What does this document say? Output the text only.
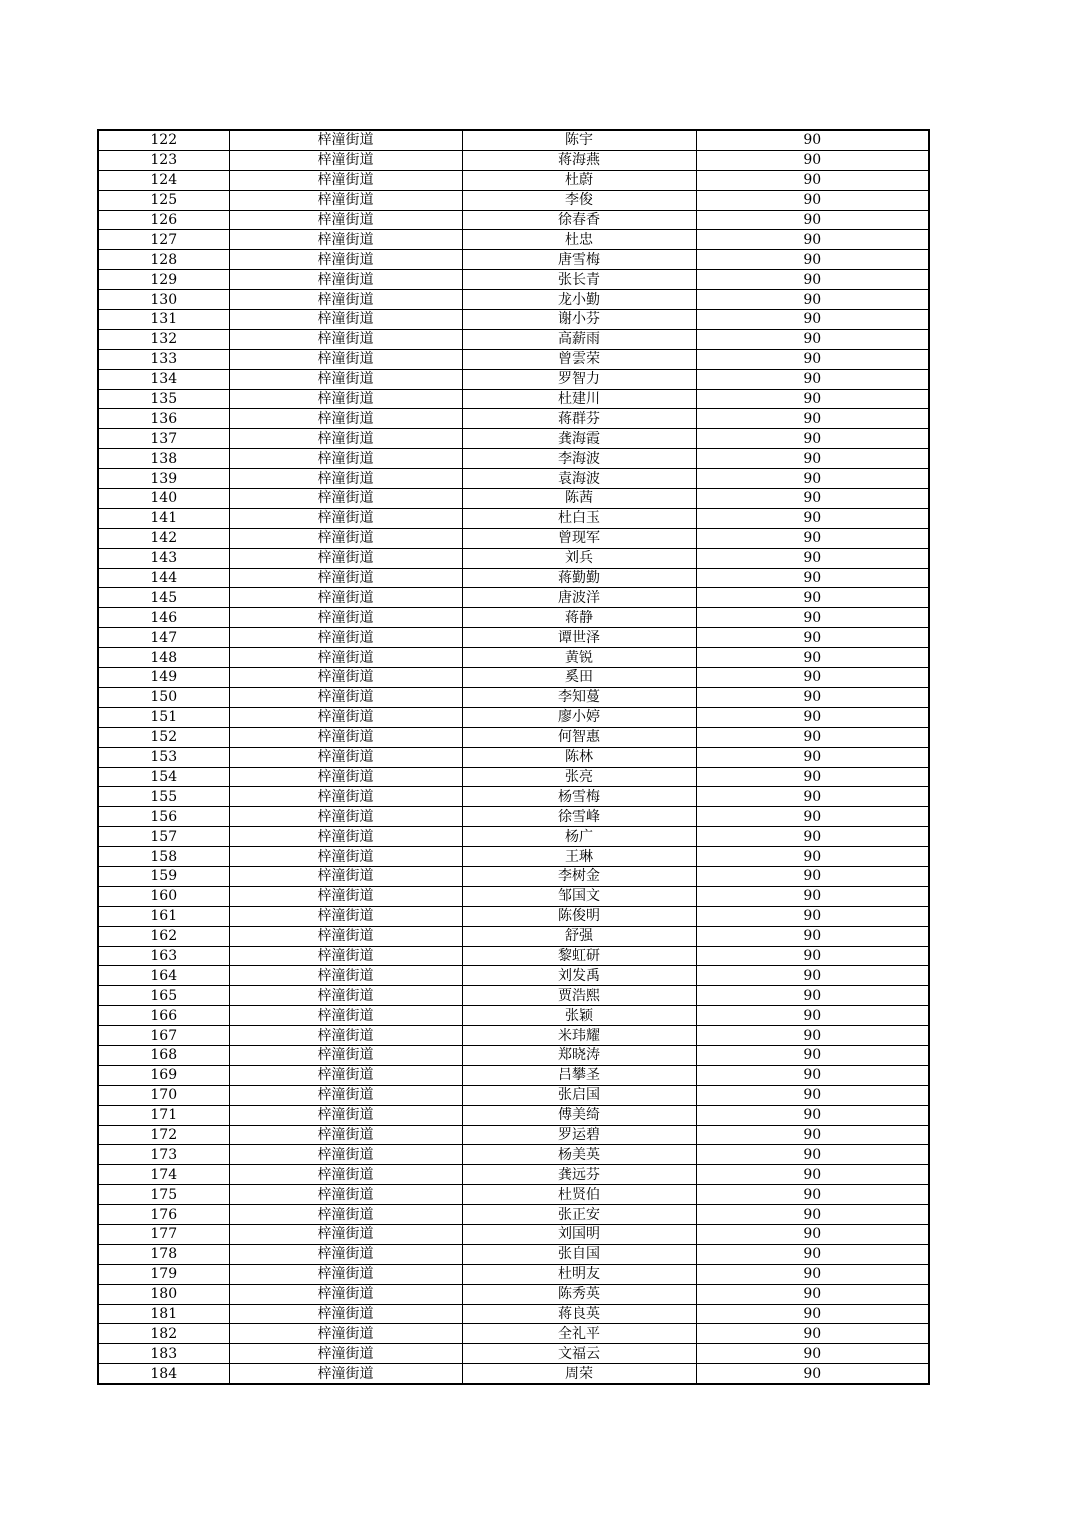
122	梓潼街道	陈宇	90
123	梓潼街道	蒋海燕	90
124	梓潼街道	杜蔚	90
125	梓潼街道	李俊	90
126	梓潼街道	徐春香	90
127	梓潼街道	杜忠	90
128	梓潼街道	唐雪梅	90
129	梓潼街道	张长青	90
130	梓潼街道	龙小勤	90
131	梓潼街道	谢小芬	90
132	梓潼街道	高薪雨	90
133	梓潼街道	曾雲荣	90
134	梓潼街道	罗智力	90
135	梓潼街道	杜建川	90
136	梓潼街道	蒋群芬	90
137	梓潼街道	龚海霞	90
138	梓潼街道	李海波	90
139	梓潼街道	袁海波	90
140	梓潼街道	陈茜	90
141	梓潼街道	杜白玉	90
142	梓潼街道	曾现军	90
143	梓潼街道	刘兵	90
144	梓潼街道	蒋勤勤	90
145	梓潼街道	唐波洋	90
146	梓潼街道	蒋静	90
147	梓潼街道	谭世泽	90
148	梓潼街道	黄锐	90
149	梓潼街道	奚田	90
150	梓潼街道	李知蔓	90
151	梓潼街道	廖小婷	90
152	梓潼街道	何智惠	90
153	梓潼街道	陈林	90
154	梓潼街道	张亮	90
155	梓潼街道	杨雪梅	90
156	梓潼街道	徐雪峰	90
157	梓潼街道	杨广	90
158	梓潼街道	王琳	90
159	梓潼街道	李树金	90
160	梓潼街道	邹国文	90
161	梓潼街道	陈俊明	90
162	梓潼街道	舒强	90
163	梓潼街道	黎虹研	90
164	梓潼街道	刘发禹	90
165	梓潼街道	贾浩熙	90
166	梓潼街道	张颖	90
167	梓潼街道	米玮耀	90
168	梓潼街道	郑晓涛	90
169	梓潼街道	吕攀圣	90
170	梓潼街道	张启国	90
171	梓潼街道	傅美绮	90
172	梓潼街道	罗运碧	90
173	梓潼街道	杨美英	90
174	梓潼街道	龚远芬	90
175	梓潼街道	杜贤伯	90
176	梓潼街道	张正安	90
177	梓潼街道	刘国明	90
178	梓潼街道	张自国	90
179	梓潼街道	杜明友	90
180	梓潼街道	陈秀英	90
181	梓潼街道	蒋良英	90
182	梓潼街道	全礼平	90
183	梓潼街道	文福云	90
184	梓潼街道	周荣	90
